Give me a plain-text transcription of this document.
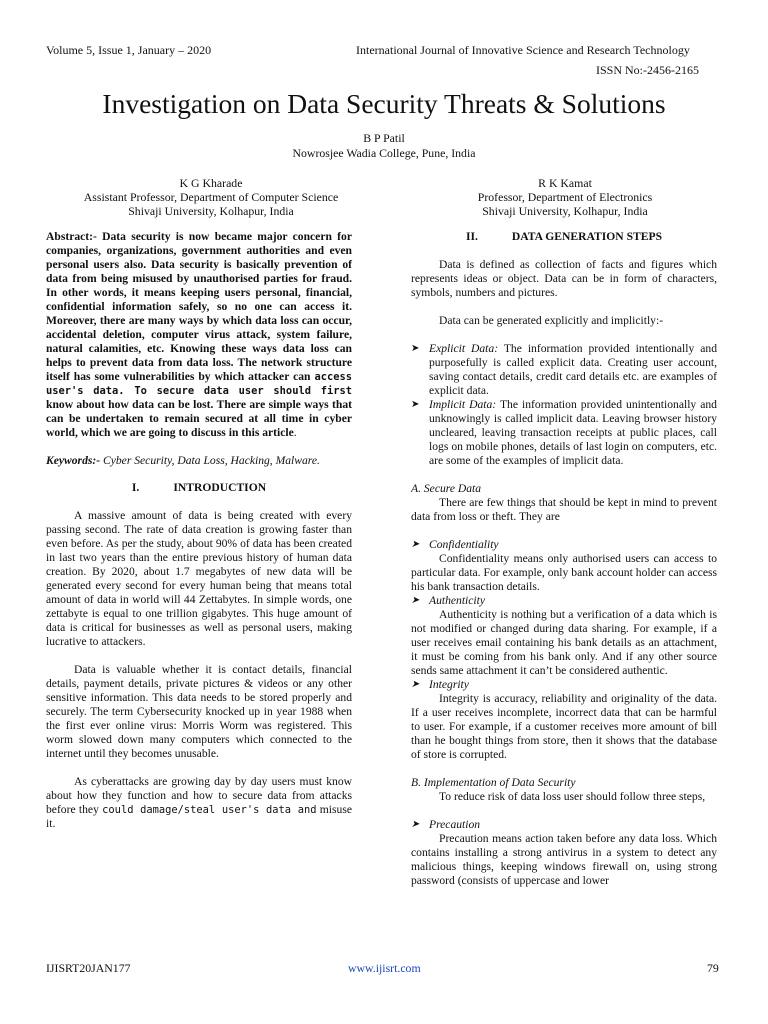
Volume 5, Issue 1, January – 2020	International Journal of Innovative Science and Research Technology
ISSN No:-2456-2165
Investigation on Data Security Threats & Solutions
B P Patil
Nowrosjee Wadia College, Pune, India
K G Kharade
Assistant Professor, Department of Computer Science
Shivaji University, Kolhapur, India
R K Kamat
Professor, Department of Electronics
Shivaji University, Kolhapur, India

Abstract:- Data security is now became major concern for companies, organizations, government authorities and even personal users also. Data security is basically prevention of data from being misused by unauthorised parties for fraud. In other words, it means keeping users personal, financial, confidential information safely, so no one can access it. Moreover, there are many ways by which data loss can occur, accidental deletion, computer virus attack, system failure, natural calamities, etc. Knowing these ways data loss can helps to prevent data from data loss. The network structure itself has some vulnerabilities by which attacker can access user's data. To secure data user should first know about how data can be lost. There are simple ways that can be undertaken to remain secured at all time in cyber world, which we are going to discuss in this article.

Keywords:- Cyber Security, Data Loss, Hacking, Malware.

I.	INTRODUCTION

A massive amount of data is being created with every passing second. The rate of data creation is growing faster than even before. As per the study, about 90% of data has been created in last two years than the entire previous history of human data creation. By 2020, about 1.7 megabytes of new data will be generated every second for every human being that means total amount of data in world will 44 Zettabytes. In simple words, one zettabyte is equal to one trillion gigabytes. This huge amount of data is critical for businesses as well as personal users, making lucrative to attackers.

Data is valuable whether it is contact details, financial details, payment details, private pictures & videos or any other sensitive information. This data needs to be stored properly and securely. The term Cybersecurity knocked up in year 1988 when the first ever online virus: Morris Worm was registered. This worm slowed down many computers which connected to the internet until they becomes unusable.

As cyberattacks are growing day by day users must know about how they function and how to secure data from attacks before they could damage/steal user's data and misuse it.

II.	DATA GENERATION STEPS

Data is defined as collection of facts and figures which represents ideas or object. Data can be in form of characters, symbols, numbers and pictures.

Data can be generated explicitly and implicitly:-

➤ Explicit Data: The information provided intentionally and purposefully is called explicit data. Creating user account, saving contact details, credit card details etc. are examples of explicit data.

➤ Implicit Data: The information provided unintentionally and unknowingly is called implicit data. Leaving browser history uncleared, leaving transaction receipts at public places, call logs on mobile phones, details of last login on computers, etc. are some of the examples of implicit data.

A. Secure Data

There are few things that should be kept in mind to prevent data from loss or theft. They are

➤ Confidentiality

Confidentiality means only authorised users can access to particular data. For example, only bank account holder can access his bank transaction details.

➤ Authenticity

Authenticity is nothing but a verification of a data which is not modified or changed during data sharing. For example, if a user receives email containing his bank details as an attachment, it must be coming from his bank only. And if any other source sends same attachment it can’t be considered authentic.

➤ Integrity

Integrity is accuracy, reliability and originality of the data. If a user receives incomplete, incorrect data that can be harmful to user. For example, if a customer receives more amount of bill than he bought things from store, then it shows that the database of store is corrupted.

B. Implementation of Data Security

To reduce risk of data loss user should follow three steps,

➤ Precaution

Precaution means action taken before any data loss. Which contains installing a strong antivirus in a system to detect any malicious things, keeping windows firewall on, using strong password (consists of uppercase and lower

IJISRT20JAN177	www.ijisrt.com	79
